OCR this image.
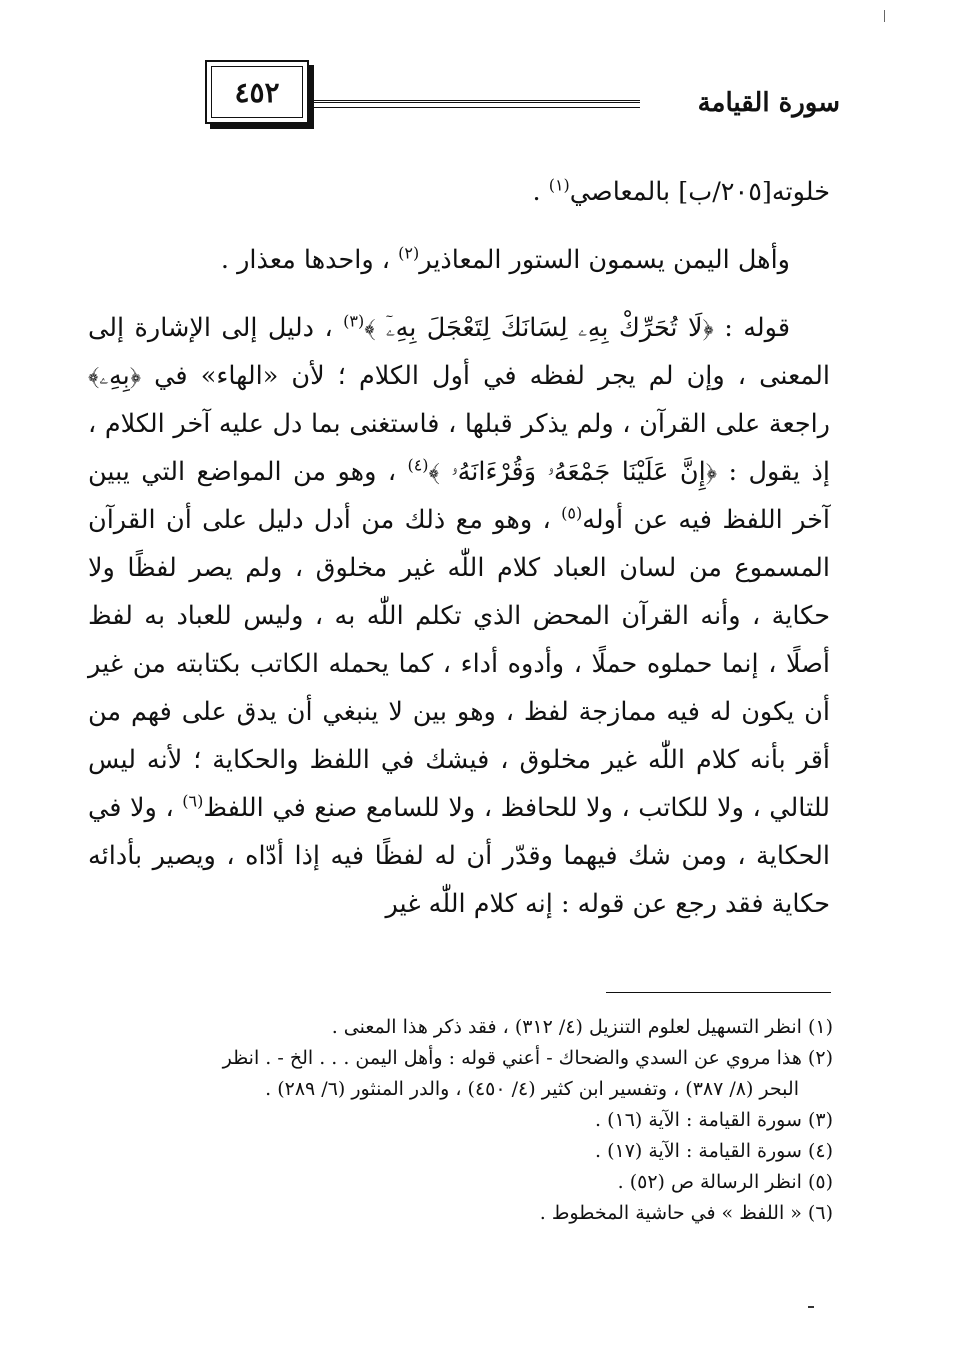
سورة القيامة
٤٥٢

خلوته[٢٠٥/ب] بالمعاصي$^{(١)}$ .

وأهل اليمن يسمون الستور المعاذير$^{(٢)}$ ، واحدها معذار .

قوله : ﴿لَا تُحَرِّكْ بِهِۦ لِسَانَكَ لِتَعْجَلَ بِهِۦٓ ﴾$^{(٣)}$ ، دليل إلى الإشارة إلى المعنى ، وإن لم يجر لفظه في أول الكلام ؛ لأن «الهاء» في ﴿بِهِۦ﴾ راجعة على القرآن ، ولم يذكر قبلها ، فاستغنى بما دل عليه آخر الكلام ، إذ يقول : ﴿إِنَّ عَلَيْنَا جَمْعَهُۥ وَقُرْءَانَهُۥ ﴾$^{(٤)}$ ، وهو من المواضع التي يبين آخر اللفظ فيه عن أوله$^{(٥)}$ ، وهو مع ذلك من أدل دليل على أن القرآن المسموع من لسان العباد كلام اللّٰه غير مخلوق ، ولم يصر لفظًا ولا حكاية ، وأنه القرآن المحض الذي تكلم اللّٰه به ، وليس للعباد به لفظ أصلًا ، إنما حملوه حملًا ، وأدوه أداء ، كما يحمله الكاتب بكتابته من غير أن يكون له فيه ممازجة لفظ ، وهو بين لا ينبغي أن يدق على فهم من أقر بأنه كلام اللّٰه غير مخلوق ، فيشك في اللفظ والحكاية ؛ لأنه ليس للتالي ، ولا للكاتب ، ولا للحافظ ، ولا للسامع صنع في اللفظ$^{(٦)}$ ، ولا في الحكاية ، ومن شك فيهما وقدّر أن له لفظًا فيه إذا أدّاه ، ويصير بأدائه حكاية فقد رجع عن قوله : إنه كلام اللّٰه غير

(١) انظر التسهيل لعلوم التنزيل (٤/ ٣١٢) ، فقد ذكر هذا المعنى .

(٢) هذا مروي عن السدي والضحاك - أعني قوله : وأهل اليمن . . . الخ - . انظر

البحر (٨/ ٣٨٧) ، وتفسير ابن كثير (٤/ ٤٥٠) ، والدر المنثور (٦/ ٢٨٩) .

(٣) سورة القيامة : الآية (١٦) .

(٤) سورة القيامة : الآية (١٧) .

(٥) انظر الرسالة ص (٥٢) .

(٦) « اللفظ » في حاشية المخطوط .
